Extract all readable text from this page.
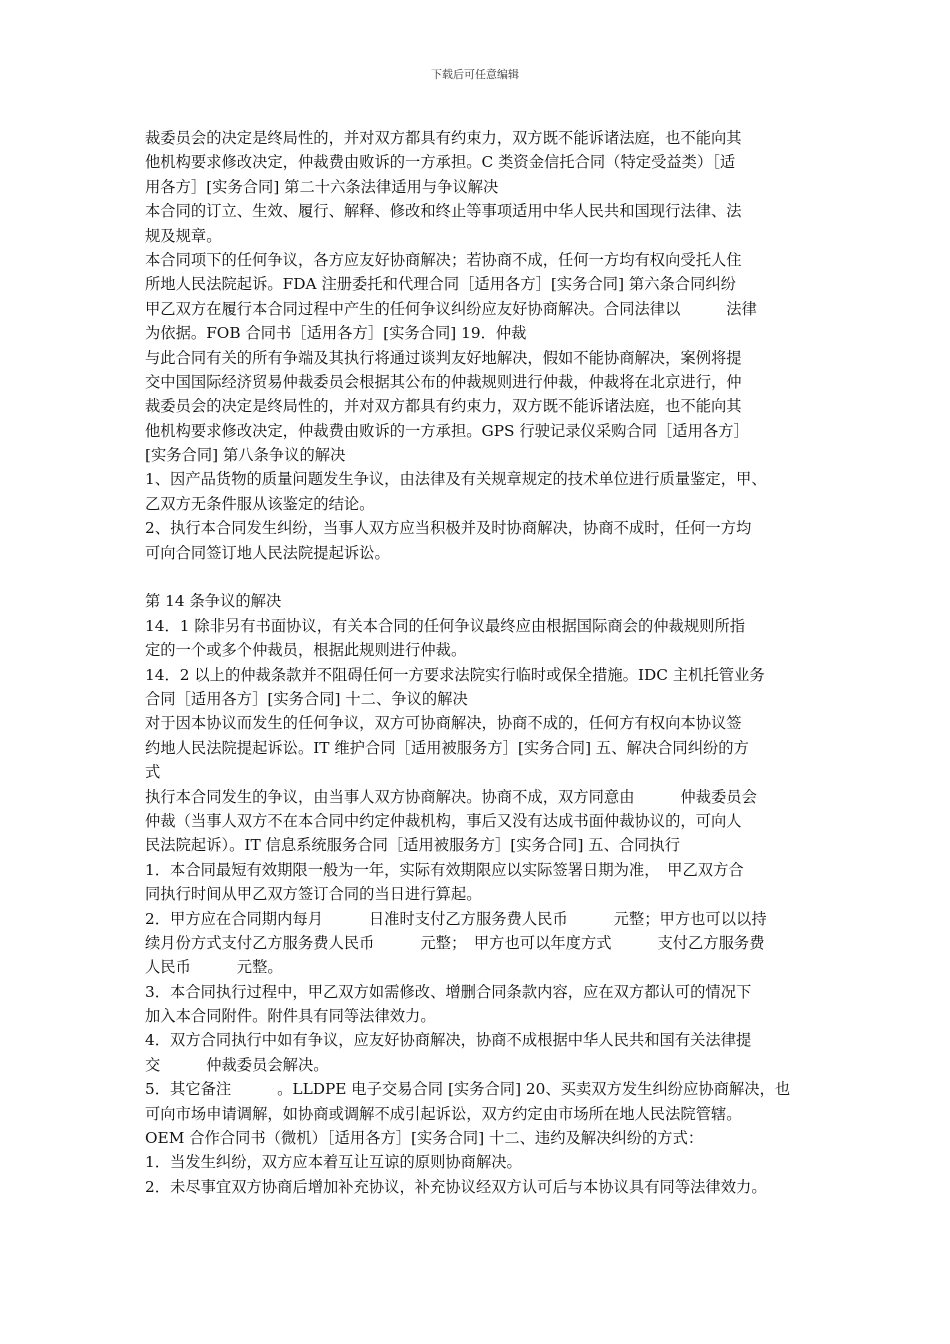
下载后可任意编辑
裁委员会的决定是终局性的，并对双方都具有约束力，双方既不能诉诸法庭，也不能向其
他机构要求修改决定，仲裁费由败诉的一方承担。C 类资金信托合同（特定受益类）［适
用各方］[实务合同] 第二十六条法律适用与争议解决
本合同的订立、生效、履行、解释、修改和终止等事项适用中华人民共和国现行法律、法
规及规章。
本合同项下的任何争议，各方应友好协商解决；若协商不成，任何一方均有权向受托人住
所地人民法院起诉。FDA 注册委托和代理合同［适用各方］[实务合同] 第六条合同纠纷
甲乙双方在履行本合同过程中产生的任何争议纠纷应友好协商解决。合同法律以　　　法律
为依据。FOB 合同书［适用各方］[实务合同] 19．仲裁
与此合同有关的所有争端及其执行将通过谈判友好地解决，假如不能协商解决，案例将提
交中国国际经济贸易仲裁委员会根据其公布的仲裁规则进行仲裁，仲裁将在北京进行，仲
裁委员会的决定是终局性的，并对双方都具有约束力，双方既不能诉诸法庭，也不能向其
他机构要求修改决定，仲裁费由败诉的一方承担。GPS 行驶记录仪采购合同［适用各方］
[实务合同] 第八条争议的解决
1、因产品货物的质量问题发生争议，由法律及有关规章规定的技术单位进行质量鉴定，甲、
乙双方无条件服从该鉴定的结论。
2、执行本合同发生纠纷，当事人双方应当积极并及时协商解决，协商不成时，任何一方均
可向合同签订地人民法院提起诉讼。
第 14 条争议的解决
14．1 除非另有书面协议，有关本合同的任何争议最终应由根据国际商会的仲裁规则所指
定的一个或多个仲裁员，根据此规则进行仲裁。
14．2 以上的仲裁条款并不阻碍任何一方要求法院实行临时或保全措施。IDC 主机托管业务
合同［适用各方］[实务合同] 十二、争议的解决
对于因本协议而发生的任何争议，双方可协商解决，协商不成的，任何方有权向本协议签
约地人民法院提起诉讼。IT 维护合同［适用被服务方］[实务合同] 五、解决合同纠纷的方
式
执行本合同发生的争议，由当事人双方协商解决。协商不成，双方同意由　　　仲裁委员会
仲裁（当事人双方不在本合同中约定仲裁机构，事后又没有达成书面仲裁协议的，可向人
民法院起诉）。IT 信息系统服务合同［适用被服务方］[实务合同] 五、合同执行
1．本合同最短有效期限一般为一年，实际有效期限应以实际签署日期为准，　甲乙双方合
同执行时间从甲乙双方签订合同的当日进行算起。
2．甲方应在合同期内每月　　　日准时支付乙方服务费人民币　　　元整；甲方也可以以持
续月份方式支付乙方服务费人民币　　　元整；　甲方也可以年度方式　　　支付乙方服务费
人民币　　　元整。
3．本合同执行过程中，甲乙双方如需修改、增删合同条款内容，应在双方都认可的情况下
加入本合同附件。附件具有同等法律效力。
4．双方合同执行中如有争议，应友好协商解决，协商不成根据中华人民共和国有关法律提
交　　　仲裁委员会解决。
5．其它备注　　　。LLDPE 电子交易合同 [实务合同] 20、买卖双方发生纠纷应协商解决，也
可向市场申请调解，如协商或调解不成引起诉讼，双方约定由市场所在地人民法院管辖。
OEM 合作合同书（微机）［适用各方］[实务合同] 十二、违约及解决纠纷的方式：
1．当发生纠纷，双方应本着互让互谅的原则协商解决。
2．未尽事宜双方协商后增加补充协议，补充协议经双方认可后与本协议具有同等法律效力。
